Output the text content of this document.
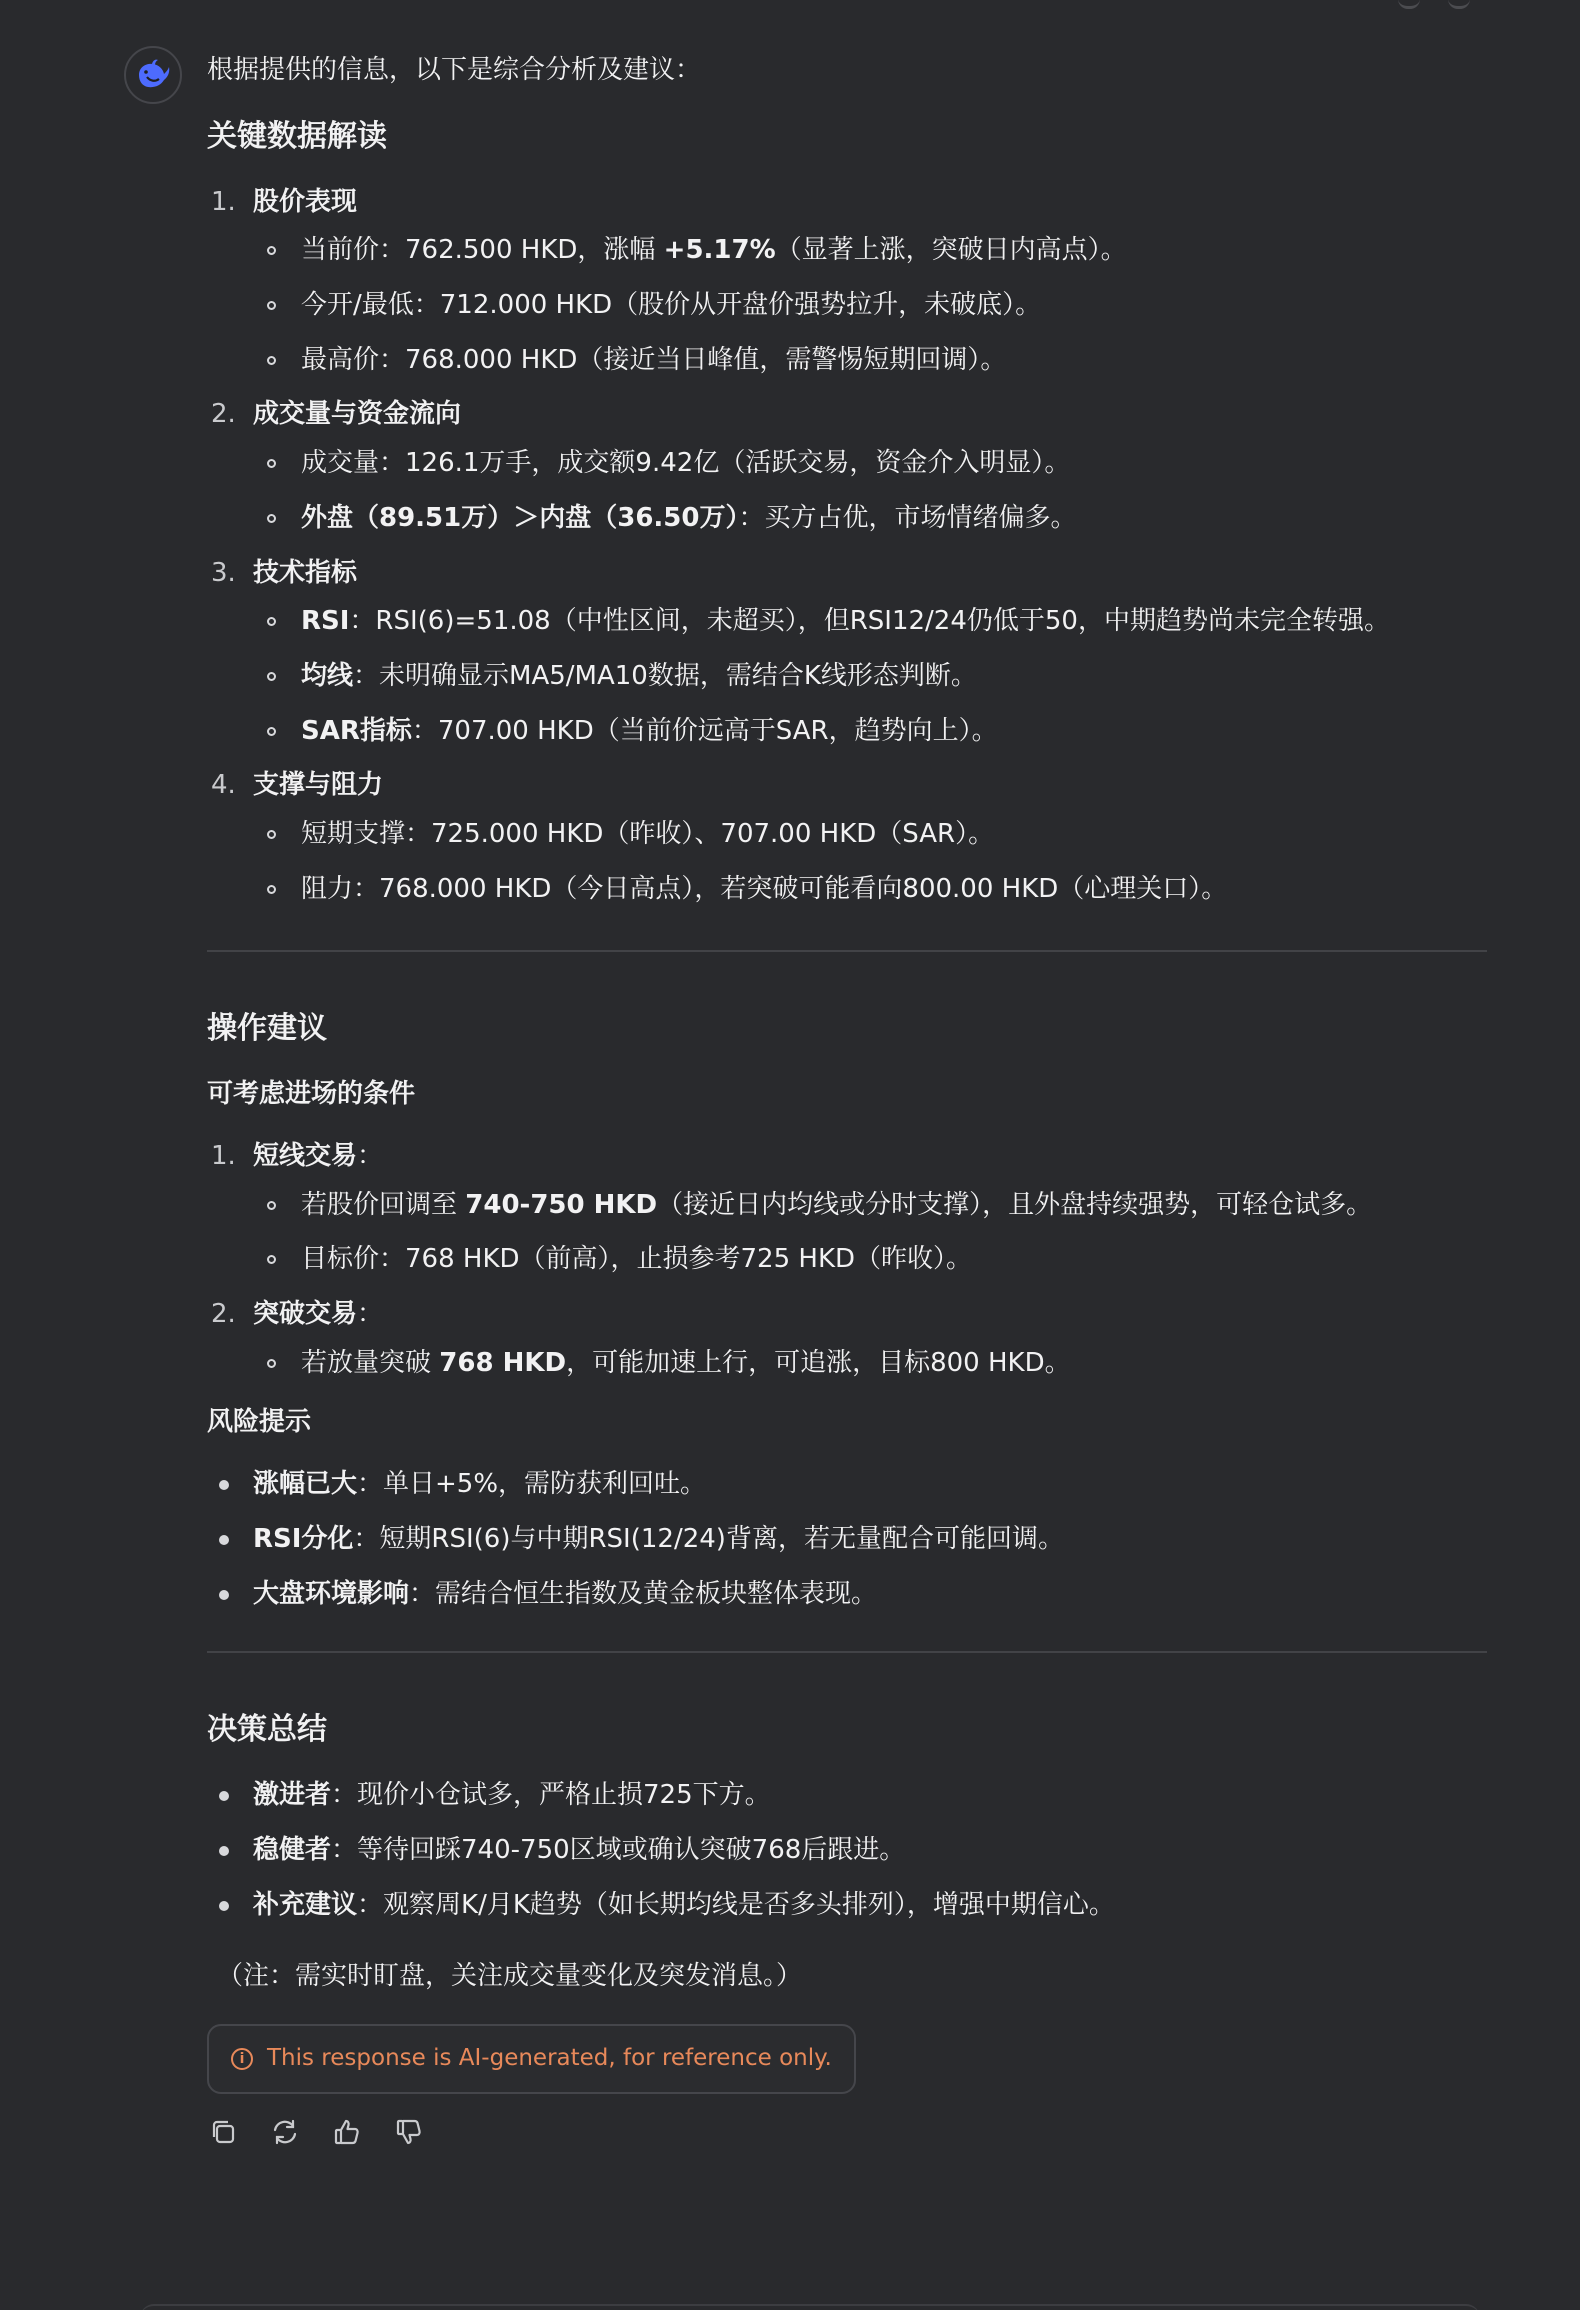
根据提供的信息，以下是综合分析及建议：
关键数据解读
1. 股价表现
当前价：762.500 HKD，涨幅 +5.17%（显著上涨，突破日内高点）。
今开/最低：712.000 HKD（股价从开盘价强势拉升，未破底）。
最高价：768.000 HKD（接近当日峰值，需警惕短期回调）。
2. 成交量与资金流向
成交量：126.1万手，成交额9.42亿（活跃交易，资金介入明显）。
外盘（89.51万）＞内盘（36.50万）：买方占优，市场情绪偏多。
3. 技术指标
RSI：RSI(6)=51.08（中性区间，未超买），但RSI12/24仍低于50，中期趋势尚未完全转强。
均线：未明确显示MA5/MA10数据，需结合K线形态判断。
SAR指标：707.00 HKD（当前价远高于SAR，趋势向上）。
4. 支撑与阻力
短期支撑：725.000 HKD（昨收）、707.00 HKD（SAR）。
阻力：768.000 HKD（今日高点），若突破可能看向800.00 HKD（心理关口）。
操作建议
可考虑进场的条件
1. 短线交易：
若股价回调至 740-750 HKD（接近日内均线或分时支撑），且外盘持续强势，可轻仓试多。
目标价：768 HKD（前高），止损参考725 HKD（昨收）。
2. 突破交易：
若放量突破 768 HKD，可能加速上行，可追涨，目标800 HKD。
风险提示
涨幅已大：单日+5%，需防获利回吐。
RSI分化：短期RSI(6)与中期RSI(12/24)背离，若无量配合可能回调。
大盘环境影响：需结合恒生指数及黄金板块整体表现。
决策总结
激进者：现价小仓试多，严格止损725下方。
稳健者：等待回踩740-750区域或确认突破768后跟进。
补充建议：观察周K/月K趋势（如长期均线是否多头排列），增强中期信心。
（注：需实时盯盘，关注成交量变化及突发消息。）
i This response is AI-generated, for reference only.
